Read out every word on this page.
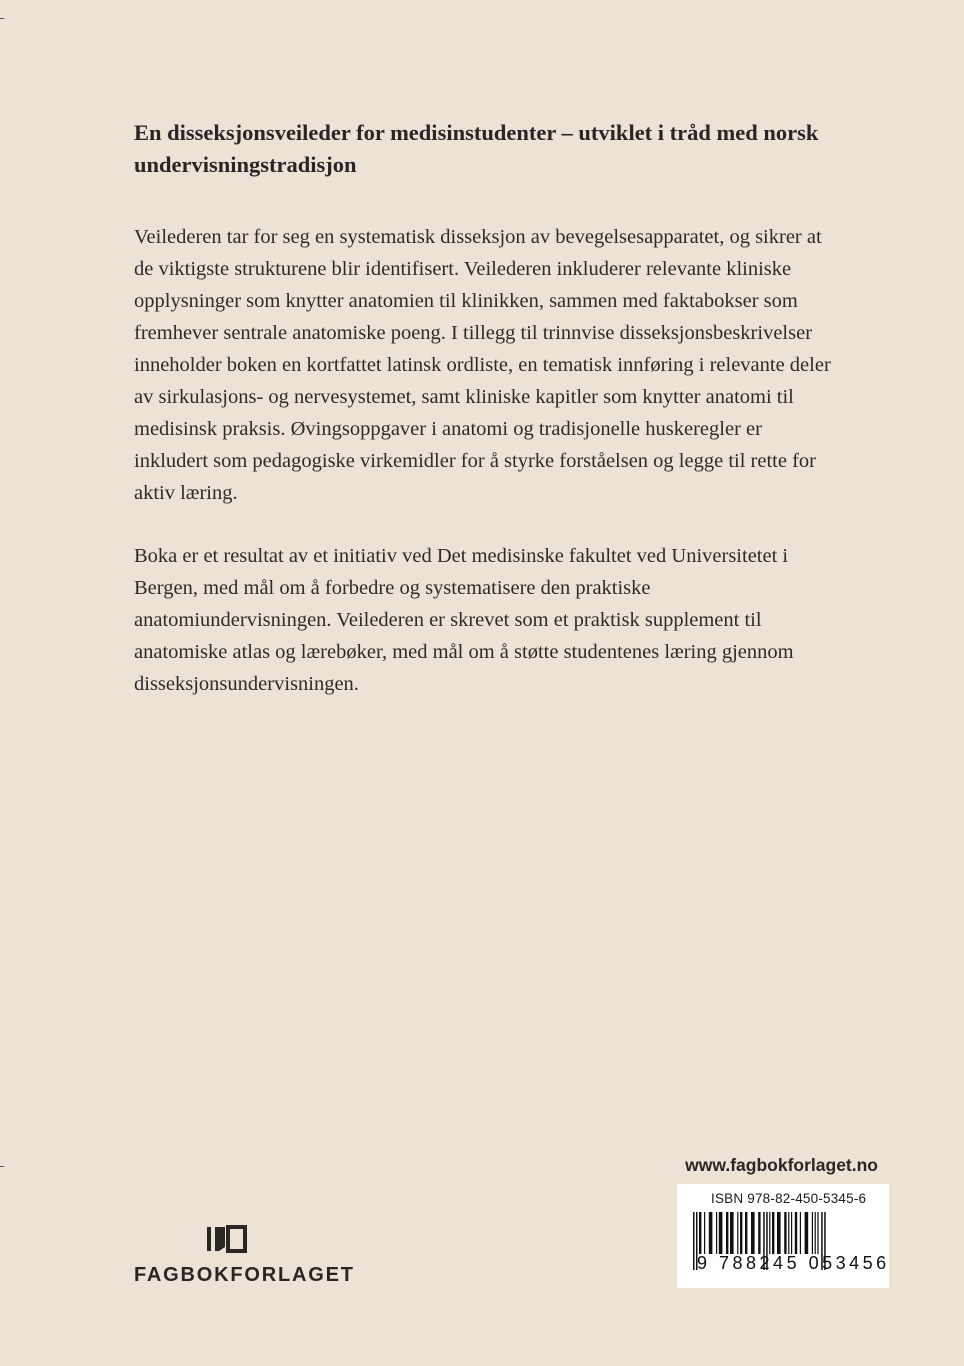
En disseksjonsveileder for medisinstudenter – utviklet i tråd med norsk undervisningstradisjon

Veilederen tar for seg en systematisk disseksjon av bevegelsesapparatet, og sikrer at de viktigste strukturene blir identifisert. Veilederen inkluderer relevante kliniske opplysninger som knytter anatomien til klinikken, sammen med faktabokser som fremhever sentrale anatomiske poeng. I tillegg til trinnvise disseksjonsbeskrivelser inneholder boken en kortfattet latinsk ordliste, en tematisk innføring i relevante deler av sirkulasjons- og nervesystemet, samt kliniske kapitler som knytter anatomi til medisinsk praksis. Øvingsoppgaver i anatomi og tradisjonelle huskeregler er inkludert som pedagogiske virkemidler for å styrke forståelsen og legge til rette for aktiv læring.

Boka er et resultat av et initiativ ved Det medisinske fakultet ved Universitetet i Bergen, med mål om å forbedre og systematisere den praktiske anatomiundervisningen. Veilederen er skrevet som et praktisk supplement til anatomiske atlas og lærebøker, med mål om å støtte studentenes læring gjennom disseksjonsundervisningen.

www.fagbokforlaget.no
ISBN 978-82-450-5345-6
9 788245 053456
FAGBOKFORLAGET
